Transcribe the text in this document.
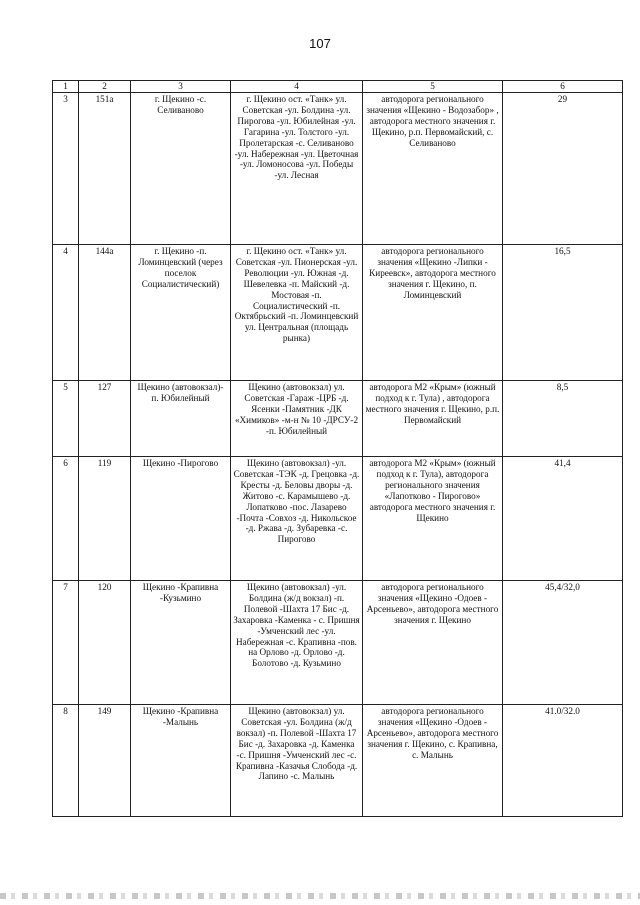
107
1	2	3	4	5	6
3	151а	г. Щекино -с. Селиваново	г. Щекино ост. «Танк» ул. Советская -ул. Болдина -ул. Пирогова -ул. Юбилейная -ул. Гагарина -ул. Толстого -ул. Пролетарская -с. Селиваново -ул. Набережная -ул. Цветочная -ул. Ломоносова -ул. Победы -ул. Лесная	автодорога регионального значения «Щекино - Водозабор» , автодорога местного значения г. Щекино, р.п. Первомайский, с. Селиваново	29
4	144а	г. Щекино -п. Ломинцевский (через поселок Социалистический)	г. Щекино ост. «Танк» ул. Советская -ул. Пионерская -ул. Революции -ул. Южная -д. Шевелевка -п. Майский -д. Мостовая -п. Социалистический -п. Октябрьский -п. Ломинцевский ул. Центральная (площадь рынка)	автодорога регионального значения «Щекино -Липки - Киреевск», автодорога местного значения г. Щекино, п. Ломинцевский	16,5
5	127	Щекино (автовокзал)- п. Юбилейный	Щекино (автовокзал) ул. Советская -Гараж -ЦРБ -д. Ясенки -Памятник -ДК «Химиков» -м-н № 10 -ДРСУ-2 -п. Юбилейный	автодорога М2 «Крым» (южный подход к г. Тула) , автодорога местного значения г. Щекино, р.п. Первомайский	8,5
6	119	Щекино -Пирогово	Щекино (автовокзал) -ул. Советская -ТЭК -д. Грецовка -д. Кресты -д. Беловы дворы -д. Житово -с. Карамышево -д. Лопатково -пос. Лазарево -Почта -Совхоз -д. Никольское -д. Ржава -д. Зубаревка -с. Пирогово	автодорога М2 «Крым» (южный подход к г. Тула), автодорога регионального значения «Лапотково - Пирогово» автодорога местного значения г. Щекино	41,4
7	120	Щекино -Крапивна -Кузьмино	Щекино (автовокзал) -ул. Болдина (ж/д вокзал) -п. Полевой -Шахта 17 Бис -д. Захаровка -Каменка - с. Пришня -Умченский лес -ул. Набережная -с. Крапивна -пов. на Орлово -д. Орлово -д. Болотово -д. Кузьмино	автодорога регионального значения «Щекино -Одоев - Арсеньево», автодорога местного значения г. Щекино	45,4/32,0
8	149	Щекино -Крапивна -Малынь	Щекино (автовокзал) ул. Советская -ул. Болдина (ж/д вокзал) -п. Полевой -Шахта 17 Бис -д. Захаровка -д. Каменка -с. Пришня -Умченский лес -с. Крапивна -Казачья Слобода -д. Лапино -с. Малынь	автодорога регионального значения «Щекино -Одоев - Арсеньево», автодорога местного значения г. Щекино, с. Крапивна, с. Малынь	41.0/32.0
